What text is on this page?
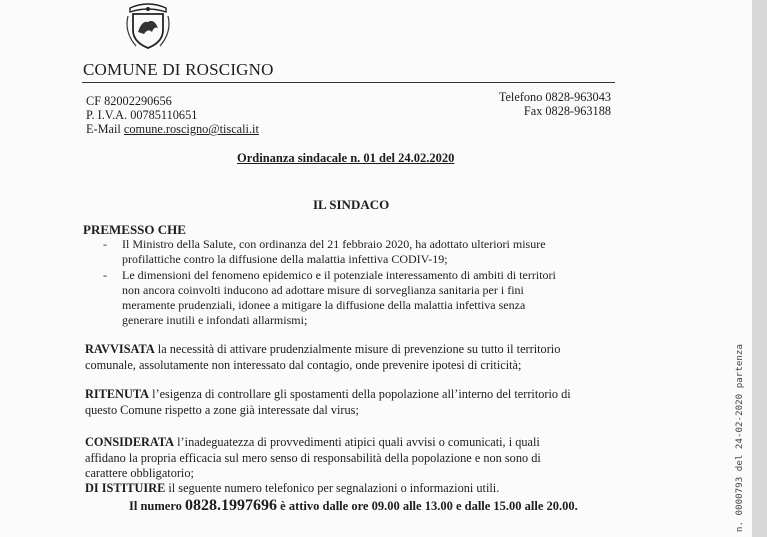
COMUNE DI ROSCIGNO
CF 82002290656
P. I.V.A. 00785110651
E-Mail comune.roscigno@tiscali.it
Telefono 0828-963043
Fax 0828-963188
Ordinanza sindacale n. 01 del 24.02.2020
IL SINDACO
PREMESSO CHE
- Il Ministro della Salute, con ordinanza del 21 febbraio 2020, ha adottato ulteriori misure
profilattiche contro la diffusione della malattia infettiva CODIV-19;
- Le dimensioni del fenomeno epidemico e il potenziale interessamento di ambiti di territori
non ancora coinvolti inducono ad adottare misure di sorveglianza sanitaria per i fini
meramente prudenziali, idonee a mitigare la diffusione della malattia infettiva senza
generare inutili e infondati allarmismi;
RAVVISATA la necessità di attivare prudenzialmente misure di prevenzione su tutto il territorio
comunale, assolutamente non interessato dal contagio, onde prevenire ipotesi di criticità;
RITENUTA l’esigenza di controllare gli spostamenti della popolazione all’interno del territorio di
questo Comune rispetto a zone già interessate dal virus;
CONSIDERATA l’inadeguatezza di provvedimenti atipici quali avvisi o comunicati, i quali
affidano la propria efficacia sul mero senso di responsabilità della popolazione e non sono di
carattere obbligatorio;
DI ISTITUIRE il seguente numero telefonico per segnalazioni o informazioni utili.
Il numero 0828.1997696 è attivo dalle ore 09.00 alle 13.00 e dalle 15.00 alle 20.00.	n. 0000793 del 24-02-2020 partenza
